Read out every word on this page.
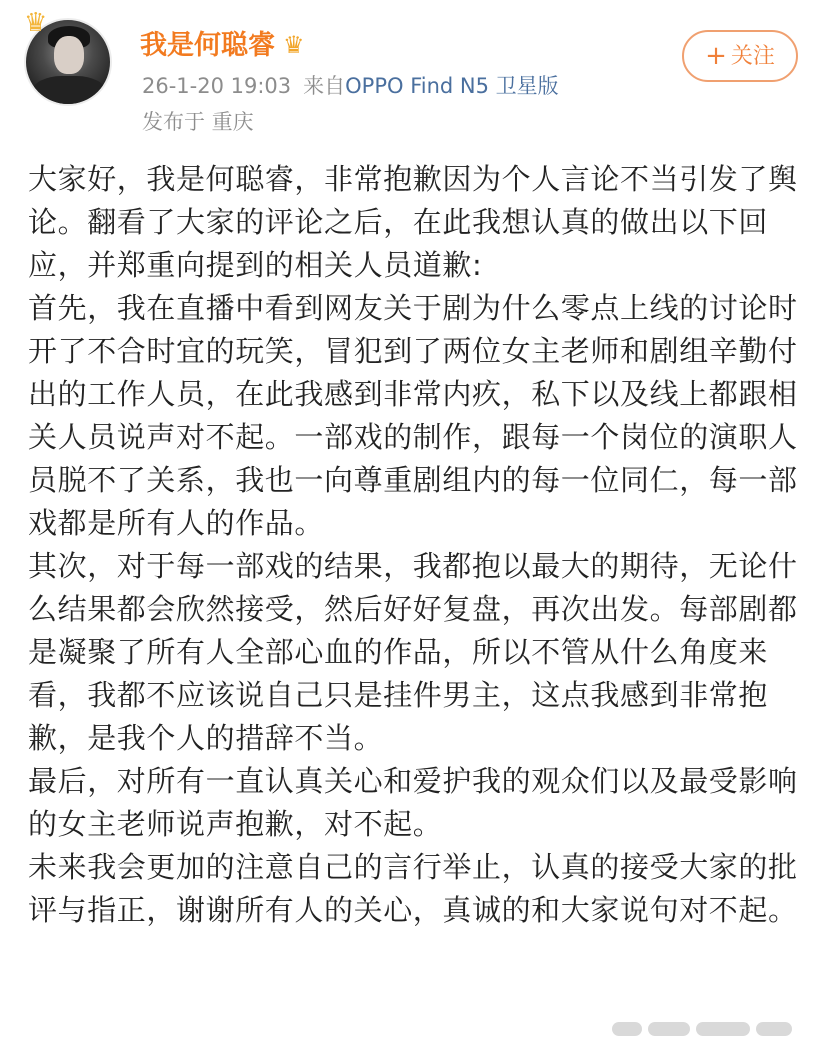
♛
我是何聪睿 ♛
26-1-20 19:03 来自OPPO Find N5 卫星版
发布于 重庆
+ 关注

大家好，我是何聪睿，非常抱歉因为个人言论不当引发了舆论。翻看了大家的评论之后，在此我想认真的做出以下回应，并郑重向提到的相关人员道歉:

首先，我在直播中看到网友关于剧为什么零点上线的讨论时开了不合时宜的玩笑，冒犯到了两位女主老师和剧组辛勤付出的工作人员，在此我感到非常内疚，私下以及线上都跟相关人员说声对不起。一部戏的制作，跟每一个岗位的演职人员脱不了关系，我也一向尊重剧组内的每一位同仁，每一部戏都是所有人的作品。

其次，对于每一部戏的结果，我都抱以最大的期待，无论什么结果都会欣然接受，然后好好复盘，再次出发。每部剧都是凝聚了所有人全部心血的作品，所以不管从什么角度来看，我都不应该说自己只是挂件男主，这点我感到非常抱歉，是我个人的措辞不当。

最后，对所有一直认真关心和爱护我的观众们以及最受影响的女主老师说声抱歉，对不起。

未来我会更加的注意自己的言行举止，认真的接受大家的批评与指正，谢谢所有人的关心，真诚的和大家说句对不起。
